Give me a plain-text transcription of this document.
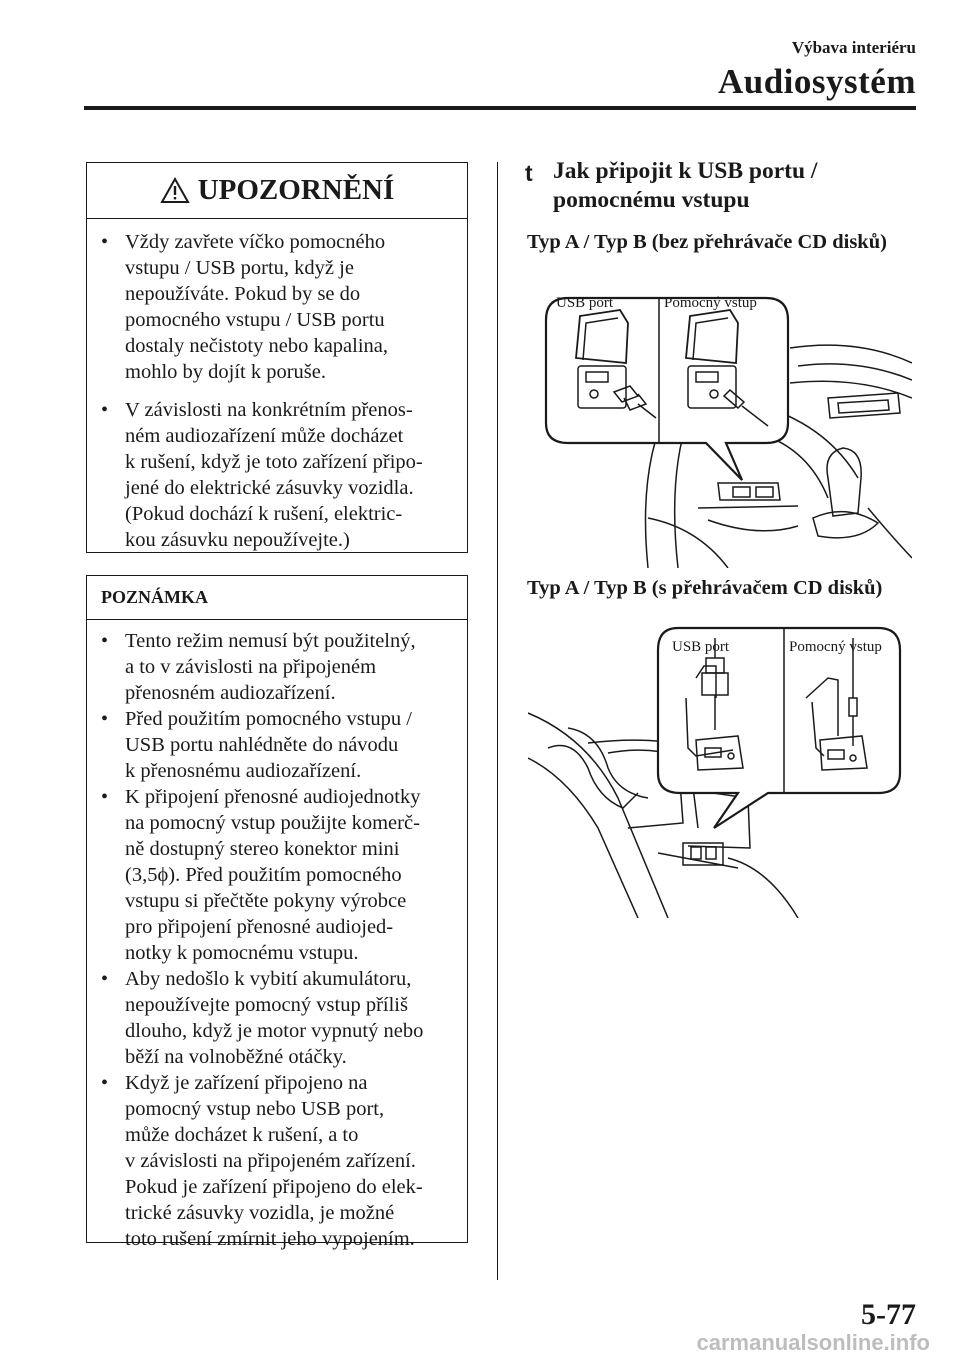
Výbava interiéru
Audiosystém
UPOZORNĚNÍ
• Vždy zavřete víčko pomocného
vstupu / USB portu, když je
nepoužíváte. Pokud by se do
pomocného vstupu / USB portu
dostaly nečistoty nebo kapalina,
mohlo by dojít k poruše.
• V závislosti na konkrétním přenos-
ném audiozařízení může docházet
k rušení, když je toto zařízení připo-
jené do elektrické zásuvky vozidla.
(Pokud dochází k rušení, elektric-
kou zásuvku nepoužívejte.)
POZNÁMKA
• Tento režim nemusí být použitelný,
a to v závislosti na připojeném
přenosném audiozařízení.
• Před použitím pomocného vstupu /
USB portu nahlédněte do návodu
k přenosnému audiozařízení.
• K připojení přenosné audiojednotky
na pomocný vstup použijte komerč-
ně dostupný stereo konektor mini
(3,5ϕ). Před použitím pomocného
vstupu si přečtěte pokyny výrobce
pro připojení přenosné audiojed-
notky k pomocnému vstupu.
• Aby nedošlo k vybití akumulátoru,
nepoužívejte pomocný vstup příliš
dlouho, když je motor vypnutý nebo
běží na volnoběžné otáčky.
• Když je zařízení připojeno na
pomocný vstup nebo USB port,
může docházet k rušení, a to
v závislosti na připojeném zařízení.
Pokud je zařízení připojeno do elek-
trické zásuvky vozidla, je možné
toto rušení zmírnit jeho vypojením.
t Jak připojit k USB portu /
pomocnému vstupu
Typ A / Typ B (bez přehrávače CD disků)
USB port	Pomocný vstup
Typ A / Typ B (s přehrávačem CD disků)
USB port	Pomocný vstup
5-77
carmanualsonline.info
